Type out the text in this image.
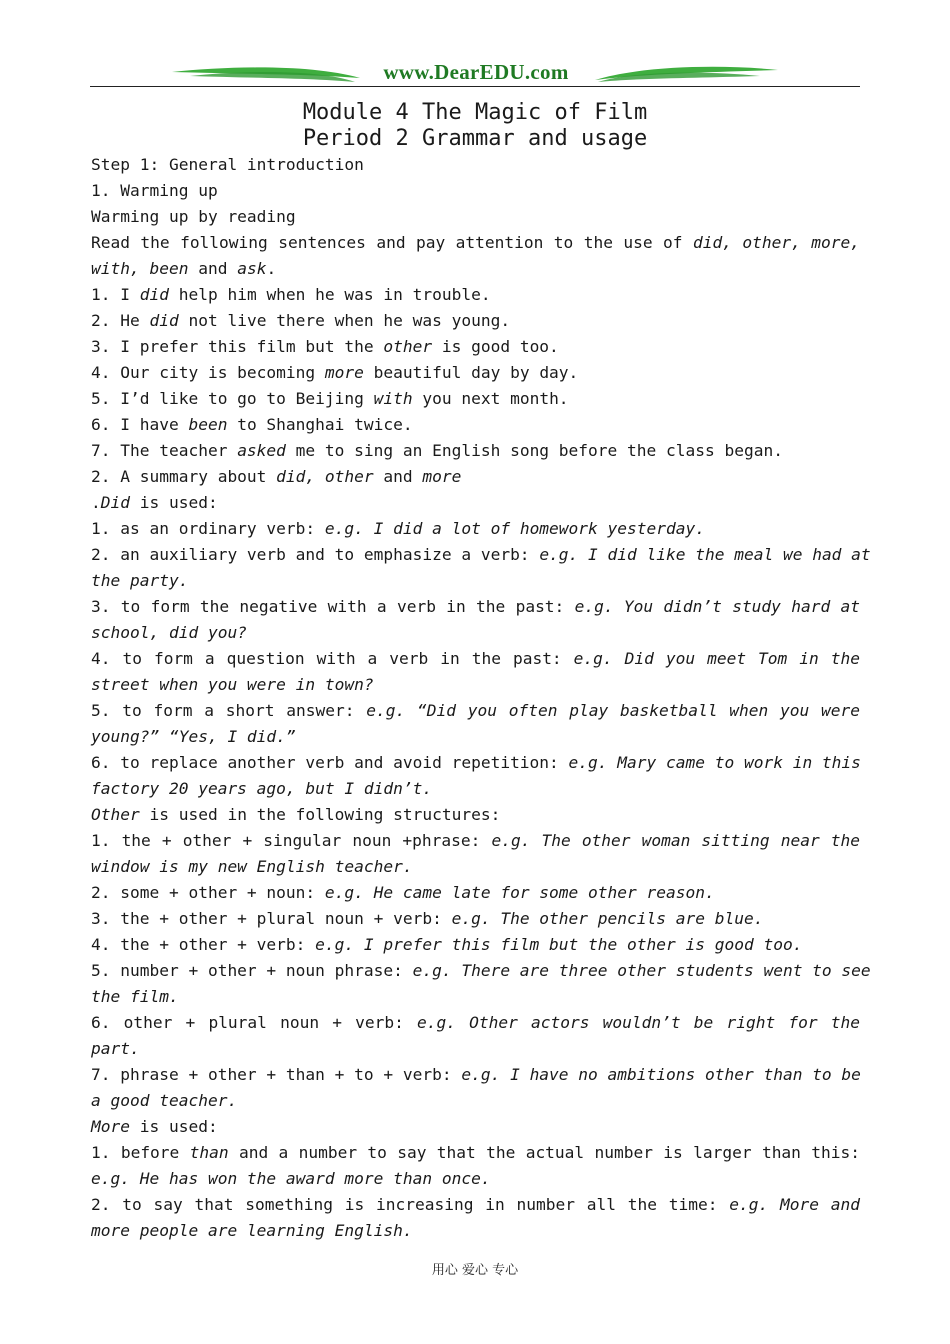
www.DearEDU.com
Module 4 The Magic of Film
Period 2 Grammar and usage
Step 1: General introduction
1. Warming up
Warming up by reading
Read the following sentences and pay attention to the use of did, other, more,
with, been and ask.
1. I did help him when he was in trouble.
2. He did not live there when he was young.
3. I prefer this film but the other is good too.
4. Our city is becoming more beautiful day by day.
5. I’d like to go to Beijing with you next month.
6. I have been to Shanghai twice.
7. The teacher asked me to sing an English song before the class began.
2. A summary about did, other and more
.Did is used:
1. as an ordinary verb: e.g. I did a lot of homework yesterday.
2. an auxiliary verb and to emphasize a verb: e.g. I did like the meal we had at
the party.
3. to form the negative with a verb in the past: e.g. You didn’t study hard at
school, did you?
4. to form a question with a verb in the past: e.g. Did you meet Tom in the
street when you were in town?
5. to form a short answer: e.g. “Did you often play basketball when you were
young?” “Yes, I did.”
6. to replace another verb and avoid repetition: e.g. Mary came to work in this
factory 20 years ago, but I didn’t.
Other is used in the following structures:
1. the + other + singular noun +phrase: e.g. The other woman sitting near the
window is my new English teacher.
2. some + other + noun: e.g. He came late for some other reason.
3. the + other + plural noun + verb: e.g. The other pencils are blue.
4. the + other + verb: e.g. I prefer this film but the other is good too.
5. number + other + noun phrase: e.g. There are three other students went to see
the film.
6. other + plural noun + verb: e.g. Other actors wouldn’t be right for the
part.
7. phrase + other + than + to + verb: e.g. I have no ambitions other than to be
a good teacher.
More is used:
1. before than and a number to say that the actual number is larger than this:
e.g. He has won the award more than once.
2. to say that something is increasing in number all the time: e.g. More and
more people are learning English.
用心 爱心 专心
